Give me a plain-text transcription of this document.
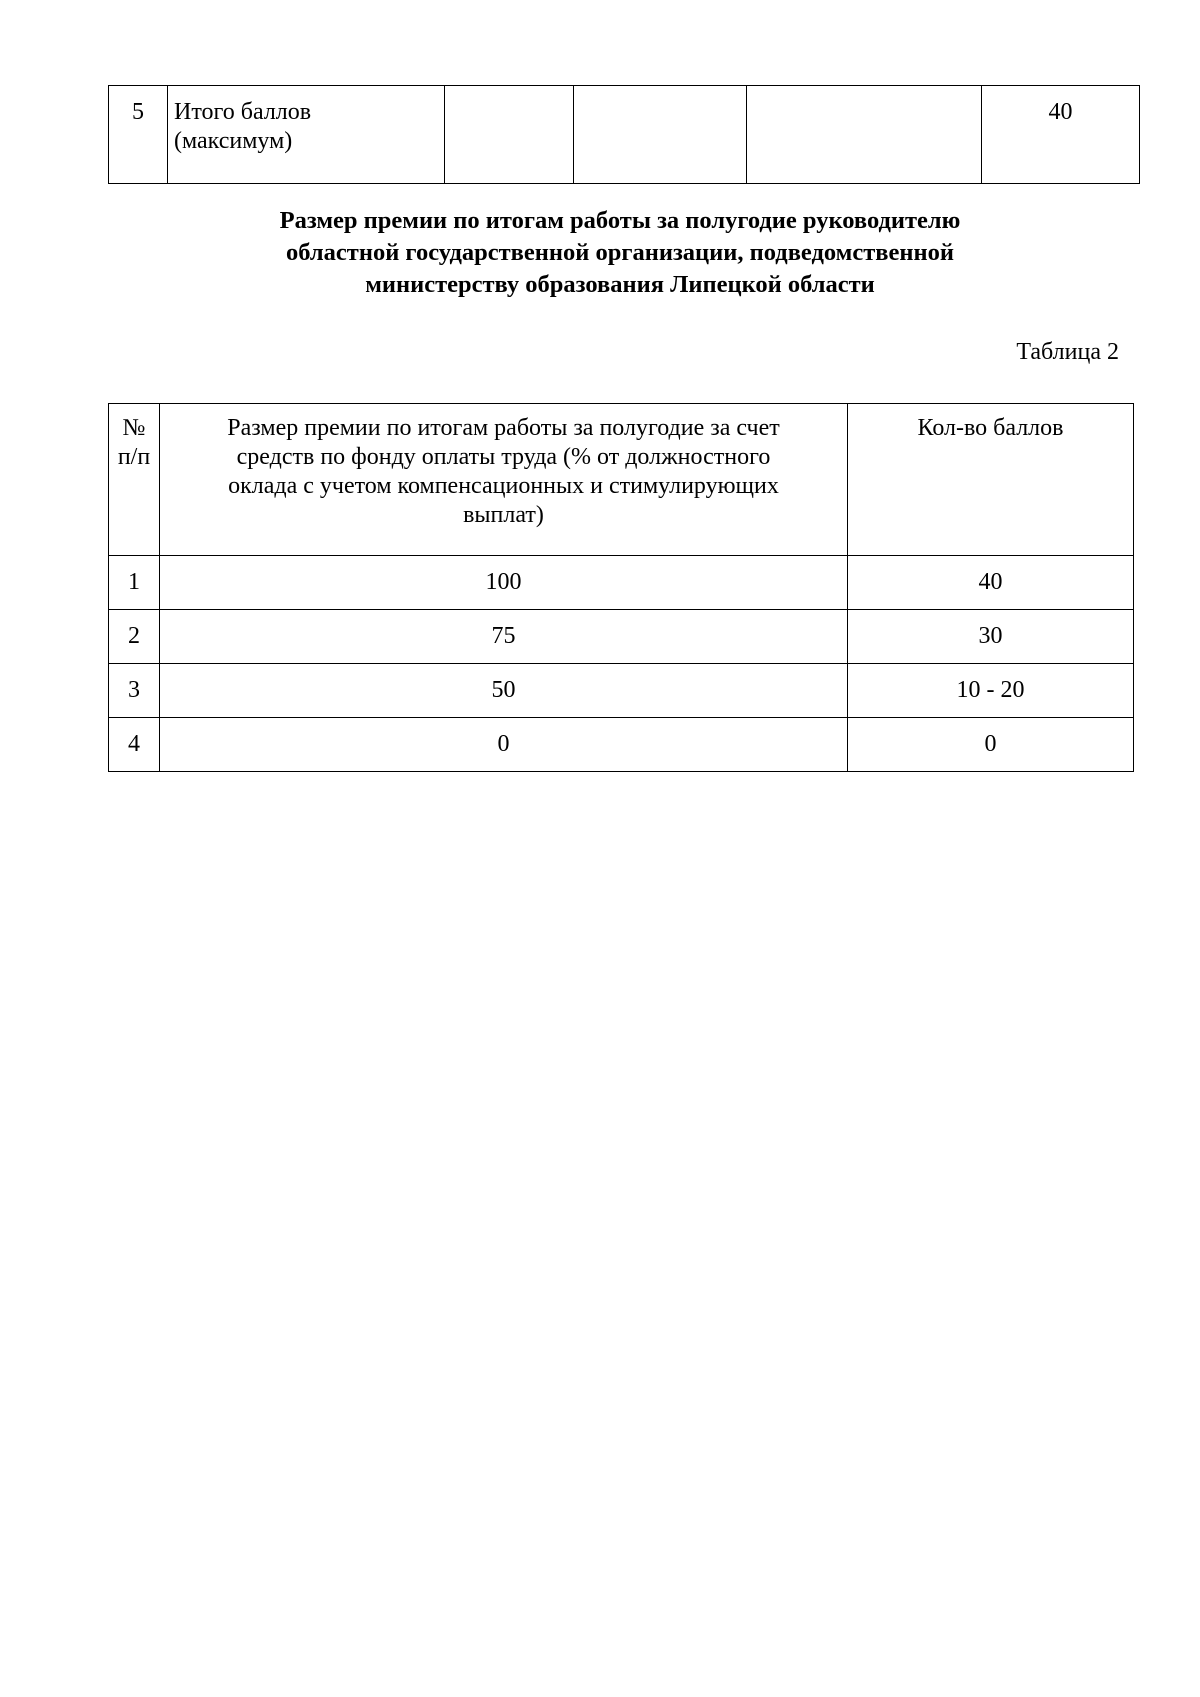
5	Итого баллов
(максимум)				40
Размер премии по итогам работы за полугодие руководителю
областной государственной организации, подведомственной
министерству образования Липецкой области
Таблица 2
№
п/п	Размер премии по итогам работы за полугодие за счет
средств по фонду оплаты труда (% от должностного
оклада с учетом компенсационных и стимулирующих
выплат)	Кол-во баллов
1	100	40
2	75	30
3	50	10 - 20
4	0	0
